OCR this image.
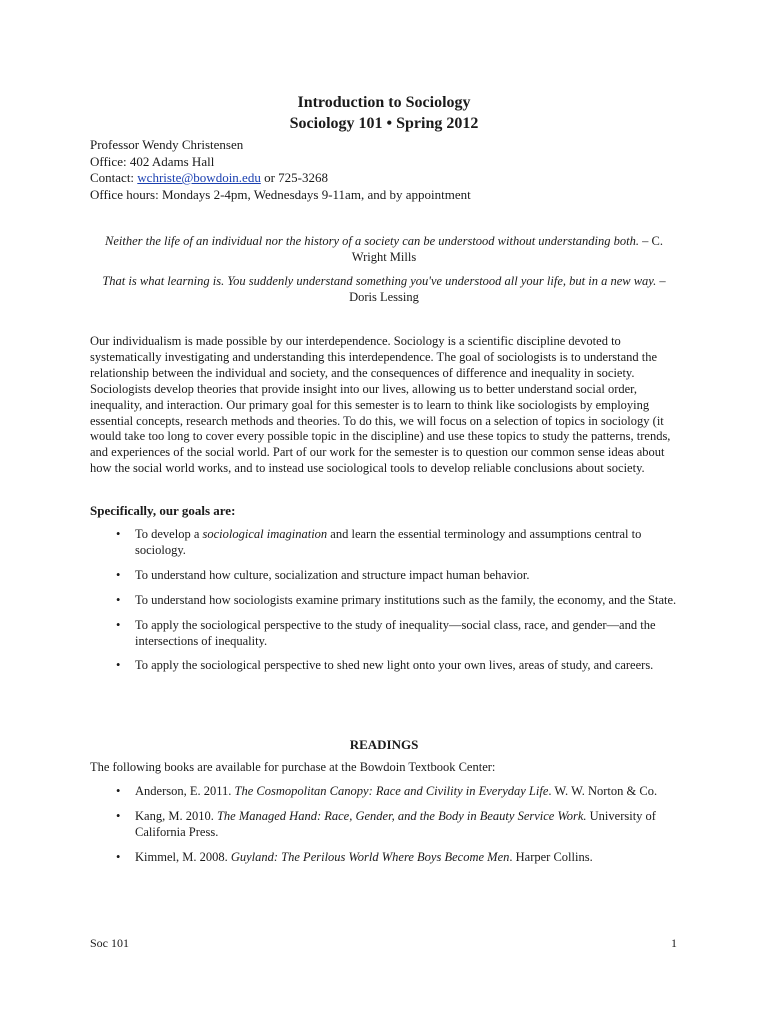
Introduction to Sociology
Sociology 101 • Spring 2012
Professor Wendy Christensen
Office: 402 Adams Hall
Contact: wchriste@bowdoin.edu or 725-3268
Office hours: Mondays 2-4pm, Wednesdays 9-11am, and by appointment
Neither the life of an individual nor the history of a society can be understood without understanding both. – C. Wright Mills
That is what learning is. You suddenly understand something you've understood all your life, but in a new way. – Doris Lessing

Our individualism is made possible by our interdependence. Sociology is a scientific discipline devoted to systematically investigating and understanding this interdependence. The goal of sociologists is to understand the relationship between the individual and society, and the consequences of difference and inequality in society. Sociologists develop theories that provide insight into our lives, allowing us to better understand social order, inequality, and interaction. Our primary goal for this semester is to learn to think like sociologists by employing essential concepts, research methods and theories. To do this, we will focus on a selection of topics in sociology (it would take too long to cover every possible topic in the discipline) and use these topics to study the patterns, trends, and experiences of the social world. Part of our work for the semester is to question our common sense ideas about how the social world works, and to instead use sociological tools to develop reliable conclusions about society.

Specifically, our goals are:

• To develop a sociological imagination and learn the essential terminology and assumptions central to sociology.
• To understand how culture, socialization and structure impact human behavior.
• To understand how sociologists examine primary institutions such as the family, the economy, and the State.
• To apply the sociological perspective to the study of inequality—social class, race, and gender—and the intersections of inequality.
• To apply the sociological perspective to shed new light onto your own lives, areas of study, and careers.

READINGS

The following books are available for purchase at the Bowdoin Textbook Center:

• Anderson, E. 2011. The Cosmopolitan Canopy: Race and Civility in Everyday Life. W. W. Norton & Co.
• Kang, M. 2010. The Managed Hand: Race, Gender, and the Body in Beauty Service Work. University of California Press.
• Kimmel, M. 2008. Guyland: The Perilous World Where Boys Become Men. Harper Collins.
Soc 101	1
